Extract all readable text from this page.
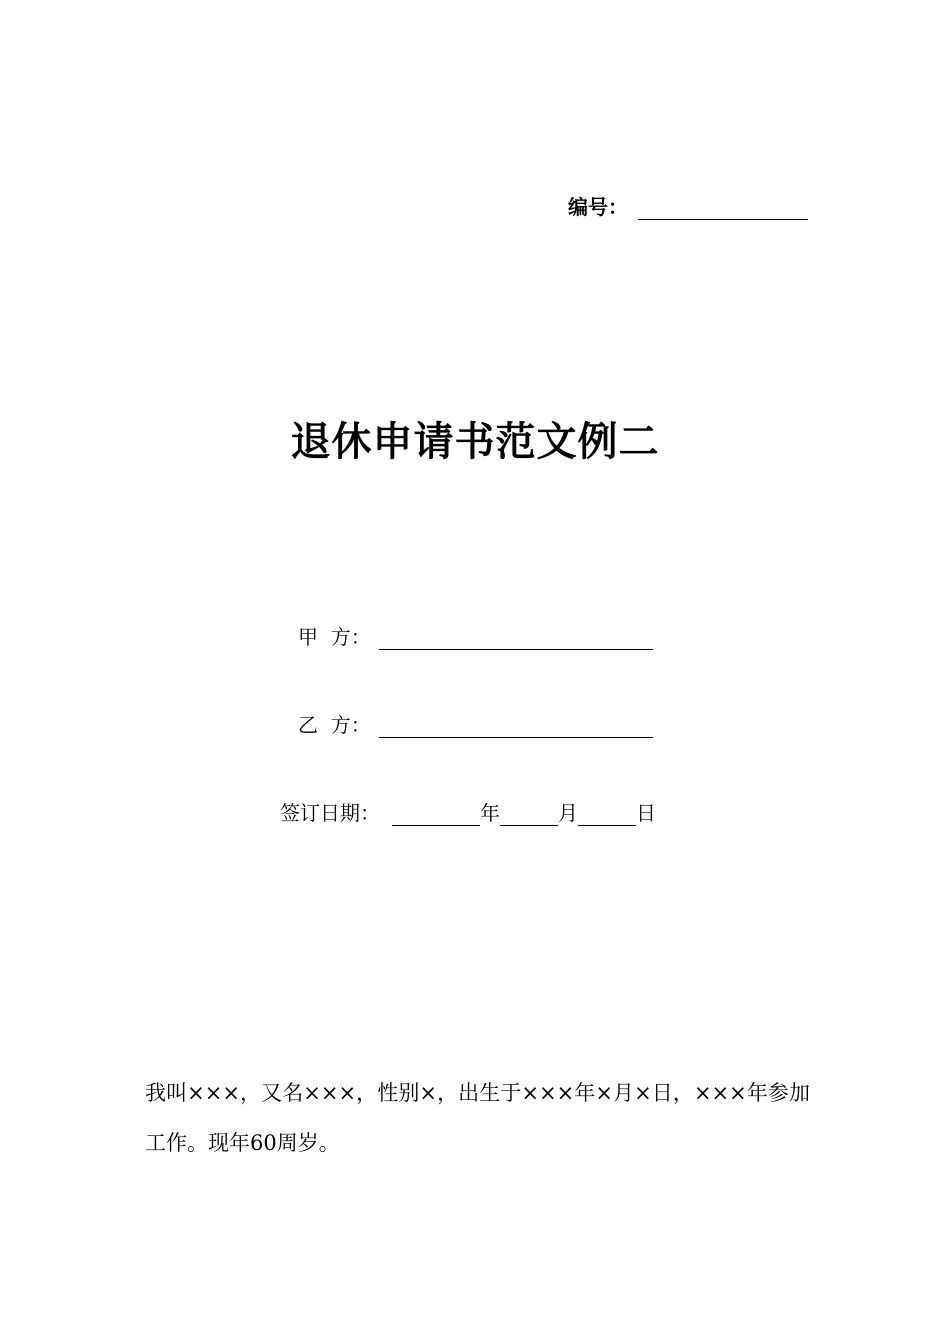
编号：
退休申请书范文例二
甲  方：
乙  方：
签订日期：	年	月	日
我叫×××，又名×××，性别×，出生于×××年×月×日，×××年参加工作。现年60周岁。
